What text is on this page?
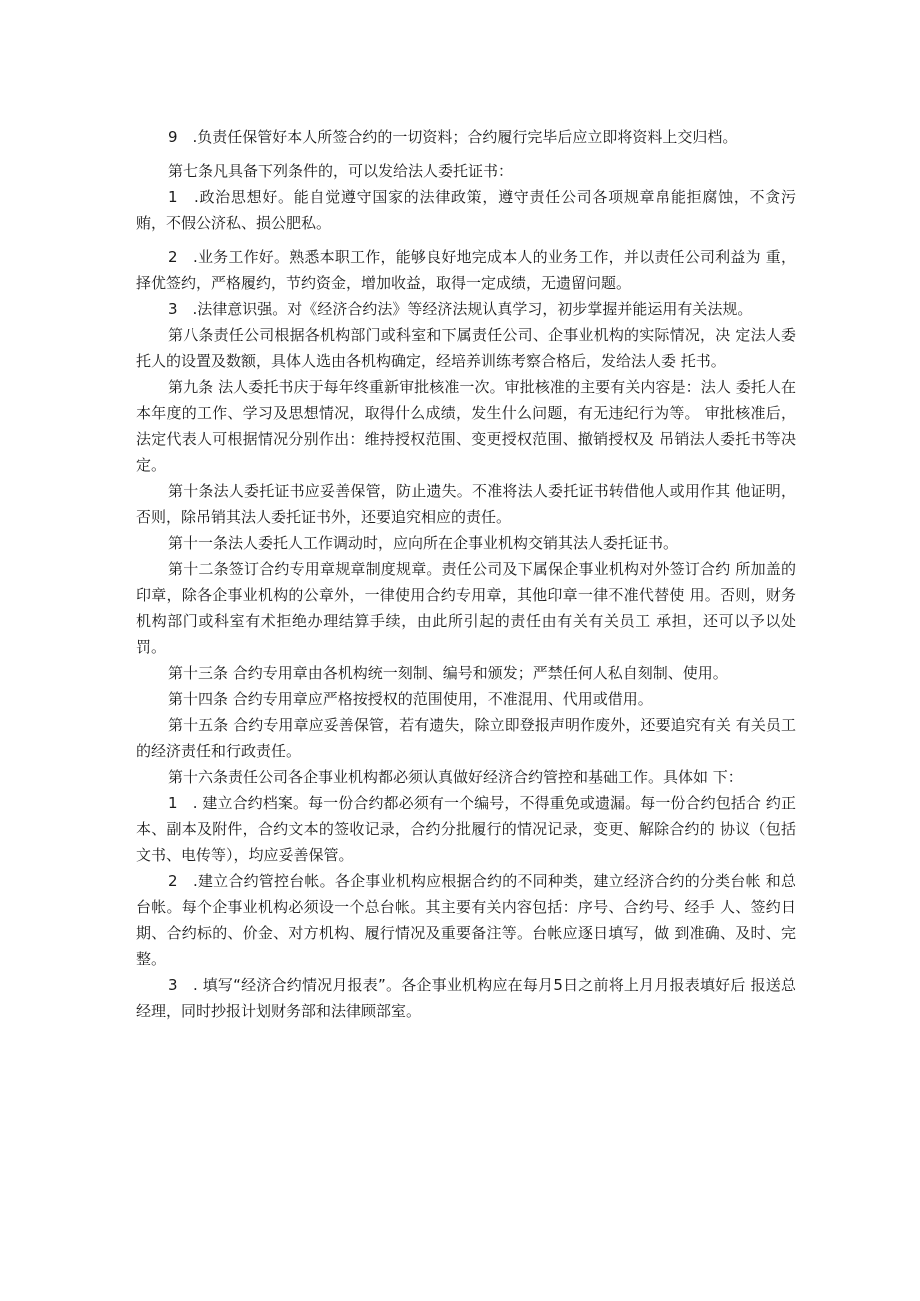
9　.负责任保管好本人所签合约的一切资料；合约履行完毕后应立即将资料上交归档。

第七条凡具备下列条件的，可以发给法人委托证书：

1　.政治思想好。能自觉遵守国家的法律政策，遵守责任公司各项规章帛能拒腐蚀，不贪污贿，不假公济私、损公肥私。

2　.业务工作好。熟悉本职工作，能够良好地完成本人的业务工作，并以责任公司利益为 重，择优签约，严格履约，节约资金，增加收益，取得一定成绩，无遗留问题。

3　.法律意识强。对《经济合约法》等经济法规认真学习，初步掌握并能运用有关法规。

第八条责任公司根据各机构部门或科室和下属责任公司、企事业机构的实际情况，决 定法人委托人的设置及数额，具体人选由各机构确定，经培养训练考察合格后，发给法人委 托书。

第九条 法人委托书庆于每年终重新审批核准一次。审批核准的主要有关内容是：法人 委托人在本年度的工作、学习及思想情况，取得什么成绩，发生什么问题，有无违纪行为等。 审批核准后，法定代表人可根据情况分别作出：维持授权范围、变更授权范围、撤销授权及 吊销法人委托书等决定。

第十条法人委托证书应妥善保管，防止遗失。不准将法人委托证书转借他人或用作其 他证明，否则，除吊销其法人委托证书外，还要追究相应的责任。

第十一条法人委托人工作调动时，应向所在企事业机构交销其法人委托证书。

第十二条签订合约专用章规章制度规章。责任公司及下属保企事业机构对外签订合约 所加盖的印章，除各企事业机构的公章外，一律使用合约专用章，其他印章一律不准代替使 用。否则，财务机构部门或科室有术拒绝办理结算手续，由此所引起的责任由有关有关员工 承担，还可以予以处罚。

第十三条 合约专用章由各机构统一刻制、编号和颁发；严禁任何人私自刻制、使用。

第十四条 合约专用章应严格按授权的范围使用，不准混用、代用或借用。

第十五条 合约专用章应妥善保管，若有遗失，除立即登报声明作废外，还要追究有关 有关员工的经济责任和行政责任。

第十六条责任公司各企事业机构都必须认真做好经济合约管控和基础工作。具体如 下：

1　. 建立合约档案。每一份合约都必须有一个编号，不得重免或遗漏。每一份合约包括合 约正本、副本及附件，合约文本的签收记录，合约分批履行的情况记录，变更、解除合约的 协议（包括文书、电传等），均应妥善保管。

2　.建立合约管控台帐。各企事业机构应根据合约的不同种类，建立经济合约的分类台帐 和总台帐。每个企事业机构必须设一个总台帐。其主要有关内容包括：序号、合约号、经手 人、签约日期、合约标的、价金、对方机构、履行情况及重要备注等。台帐应逐日填写，做 到准确、及时、完整。

3　. 填写“经济合约情况月报表”。各企事业机构应在每月5日之前将上月月报表填好后 报送总经理，同时抄报计划财务部和法律顾部室。
